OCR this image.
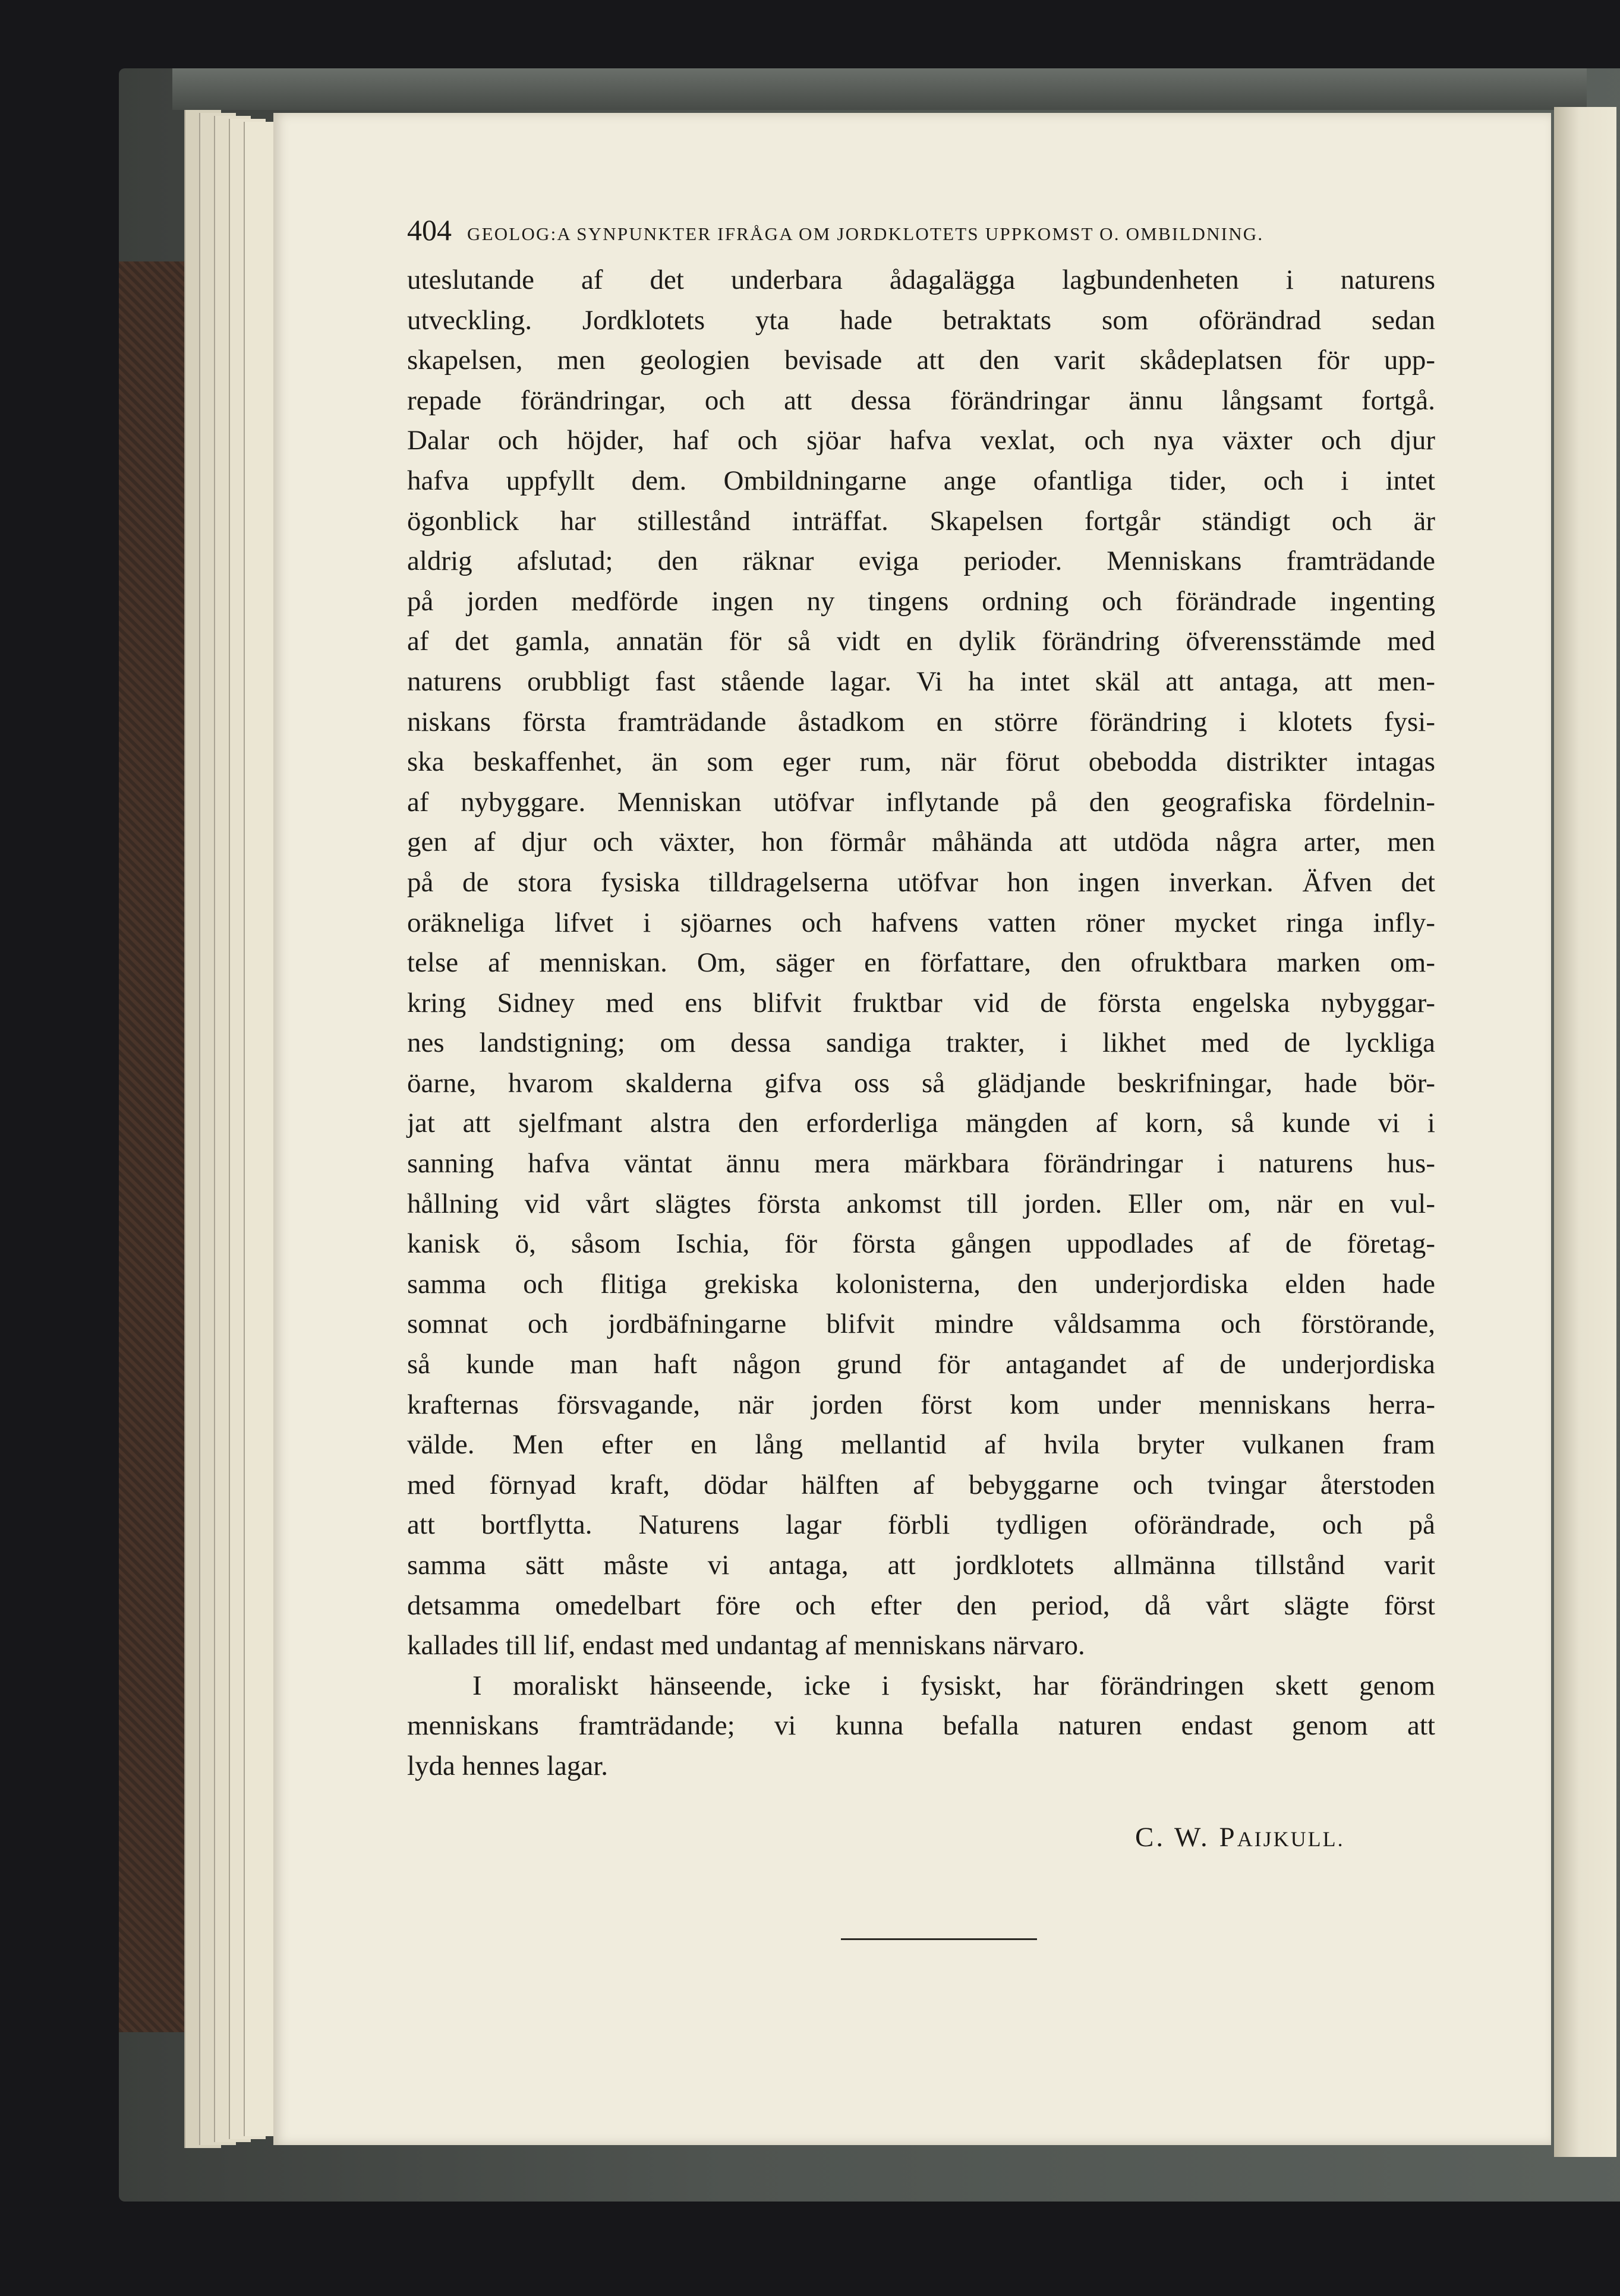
404 GEOLOG:A SYNPUNKTER IFRÅGA OM JORDKLOTETS UPPKOMST O. OMBILDNING.
uteslutande af det underbara ådagalägga lagbundenheten i naturens
utveckling. Jordklotets yta hade betraktats som oförändrad sedan
skapelsen, men geologien bevisade att den varit skådeplatsen för upp-
repade förändringar, och att dessa förändringar ännu långsamt fortgå.
Dalar och höjder, haf och sjöar hafva vexlat, och nya växter och djur
hafva uppfyllt dem. Ombildningarne ange ofantliga tider, och i intet
ögonblick har stillestånd inträffat. Skapelsen fortgår ständigt och är
aldrig afslutad; den räknar eviga perioder. Menniskans framträdande
på jorden medförde ingen ny tingens ordning och förändrade ingenting
af det gamla, annatän för så vidt en dylik förändring öfverensstämde med
naturens orubbligt fast stående lagar. Vi ha intet skäl att antaga, att men-
niskans första framträdande åstadkom en större förändring i klotets fysi-
ska beskaffenhet, än som eger rum, när förut obebodda distrikter intagas
af nybyggare. Menniskan utöfvar inflytande på den geografiska fördelnin-
gen af djur och växter, hon förmår måhända att utdöda några arter, men
på de stora fysiska tilldragelserna utöfvar hon ingen inverkan. Äfven det
oräkneliga lifvet i sjöarnes och hafvens vatten röner mycket ringa infly-
telse af menniskan. Om, säger en författare, den ofruktbara marken om-
kring Sidney med ens blifvit fruktbar vid de första engelska nybyggar-
nes landstigning; om dessa sandiga trakter, i likhet med de lyckliga
öarne, hvarom skalderna gifva oss så glädjande beskrifningar, hade bör-
jat att sjelfmant alstra den erforderliga mängden af korn, så kunde vi i
sanning hafva väntat ännu mera märkbara förändringar i naturens hus-
hållning vid vårt slägtes första ankomst till jorden. Eller om, när en vul-
kanisk ö, såsom Ischia, för första gången uppodlades af de företag-
samma och flitiga grekiska kolonisterna, den underjordiska elden hade
somnat och jordbäfningarne blifvit mindre våldsamma och förstörande,
så kunde man haft någon grund för antagandet af de underjordiska
krafternas försvagande, när jorden först kom under menniskans herra-
välde. Men efter en lång mellantid af hvila bryter vulkanen fram
med förnyad kraft, dödar hälften af bebyggarne och tvingar återstoden
att bortflytta. Naturens lagar förbli tydligen oförändrade, och på
samma sätt måste vi antaga, att jordklotets allmänna tillstånd varit
detsamma omedelbart före och efter den period, då vårt slägte först
kallades till lif, endast med undantag af menniskans närvaro.
I moraliskt hänseende, icke i fysiskt, har förändringen skett genom
menniskans framträdande; vi kunna befalla naturen endast genom att
lyda hennes lagar.
C. W. PAIJKULL.
